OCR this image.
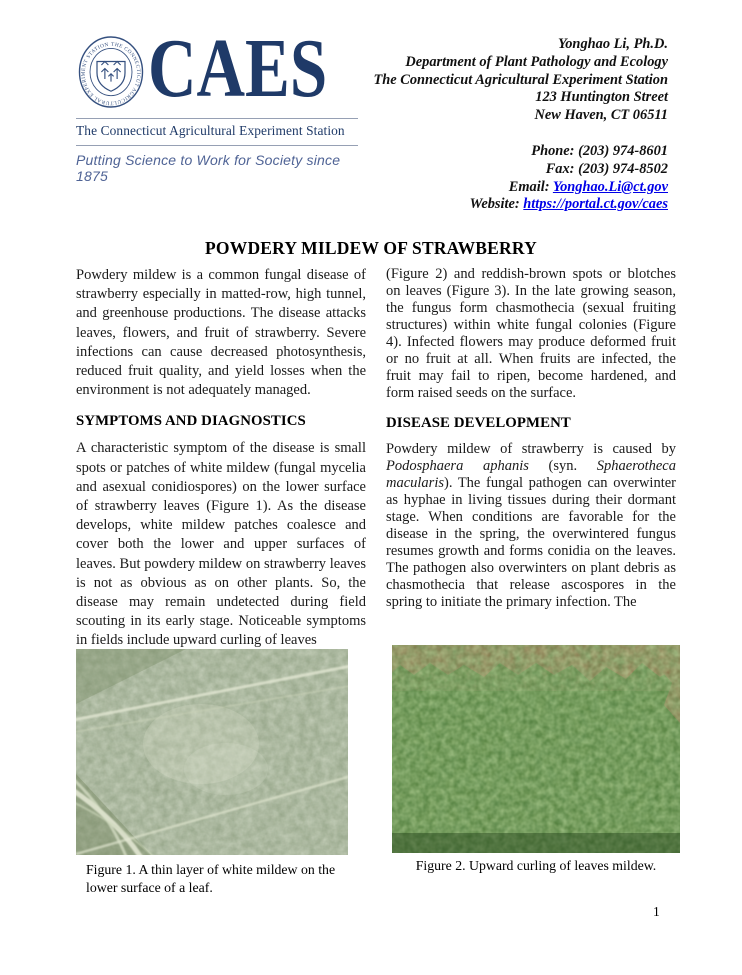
THE CONNECTICUT AGRICULTURAL EXPERIMENT STATION CAES
The Connecticut Agricultural Experiment Station
Putting Science to Work for Society since 1875
Yonghao Li, Ph.D.
Department of Plant Pathology and Ecology
The Connecticut Agricultural Experiment Station
123 Huntington Street
New Haven, CT 06511
Phone: (203) 974-8601
Fax: (203) 974-8502
Email: Yonghao.Li@ct.gov
Website: https://portal.ct.gov/caes
POWDERY MILDEW OF STRAWBERRY

Powdery mildew is a common fungal disease of strawberry especially in matted-row, high tunnel, and greenhouse productions. The disease attacks leaves, flowers, and fruit of strawberry. Severe infections can cause decreased photosynthesis, reduced fruit quality, and yield losses when the environment is not adequately managed.

SYMPTOMS AND DIAGNOSTICS

A characteristic symptom of the disease is small spots or patches of white mildew (fungal mycelia and asexual conidiospores) on the lower surface of strawberry leaves (Figure 1). As the disease develops, white mildew patches coalesce and cover both the lower and upper surfaces of leaves. But powdery mildew on strawberry leaves is not as obvious as on other plants. So, the disease may remain undetected during field scouting in its early stage. Noticeable symptoms in fields include upward curling of leaves

(Figure 2) and reddish-brown spots or blotches on leaves (Figure 3). In the late growing season, the fungus form chasmothecia (sexual fruiting structures) within white fungal colonies (Figure 4). Infected flowers may produce deformed fruit or no fruit at all. When fruits are infected, the fruit may fail to ripen, become hardened, and form raised seeds on the surface.

DISEASE DEVELOPMENT

Powdery mildew of strawberry is caused by Podosphaera aphanis (syn. Sphaerotheca macularis). The fungal pathogen can overwinter as hyphae in living tissues during their dormant stage. When conditions are favorable for the disease in the spring, the overwintered fungus resumes growth and forms conidia on the leaves. The pathogen also overwinters on plant debris as chasmothecia that release ascospores in the spring to initiate the primary infection. The

Figure 1. A thin layer of white mildew on the lower surface of a leaf.
Figure 2. Upward curling of leaves mildew.
1
